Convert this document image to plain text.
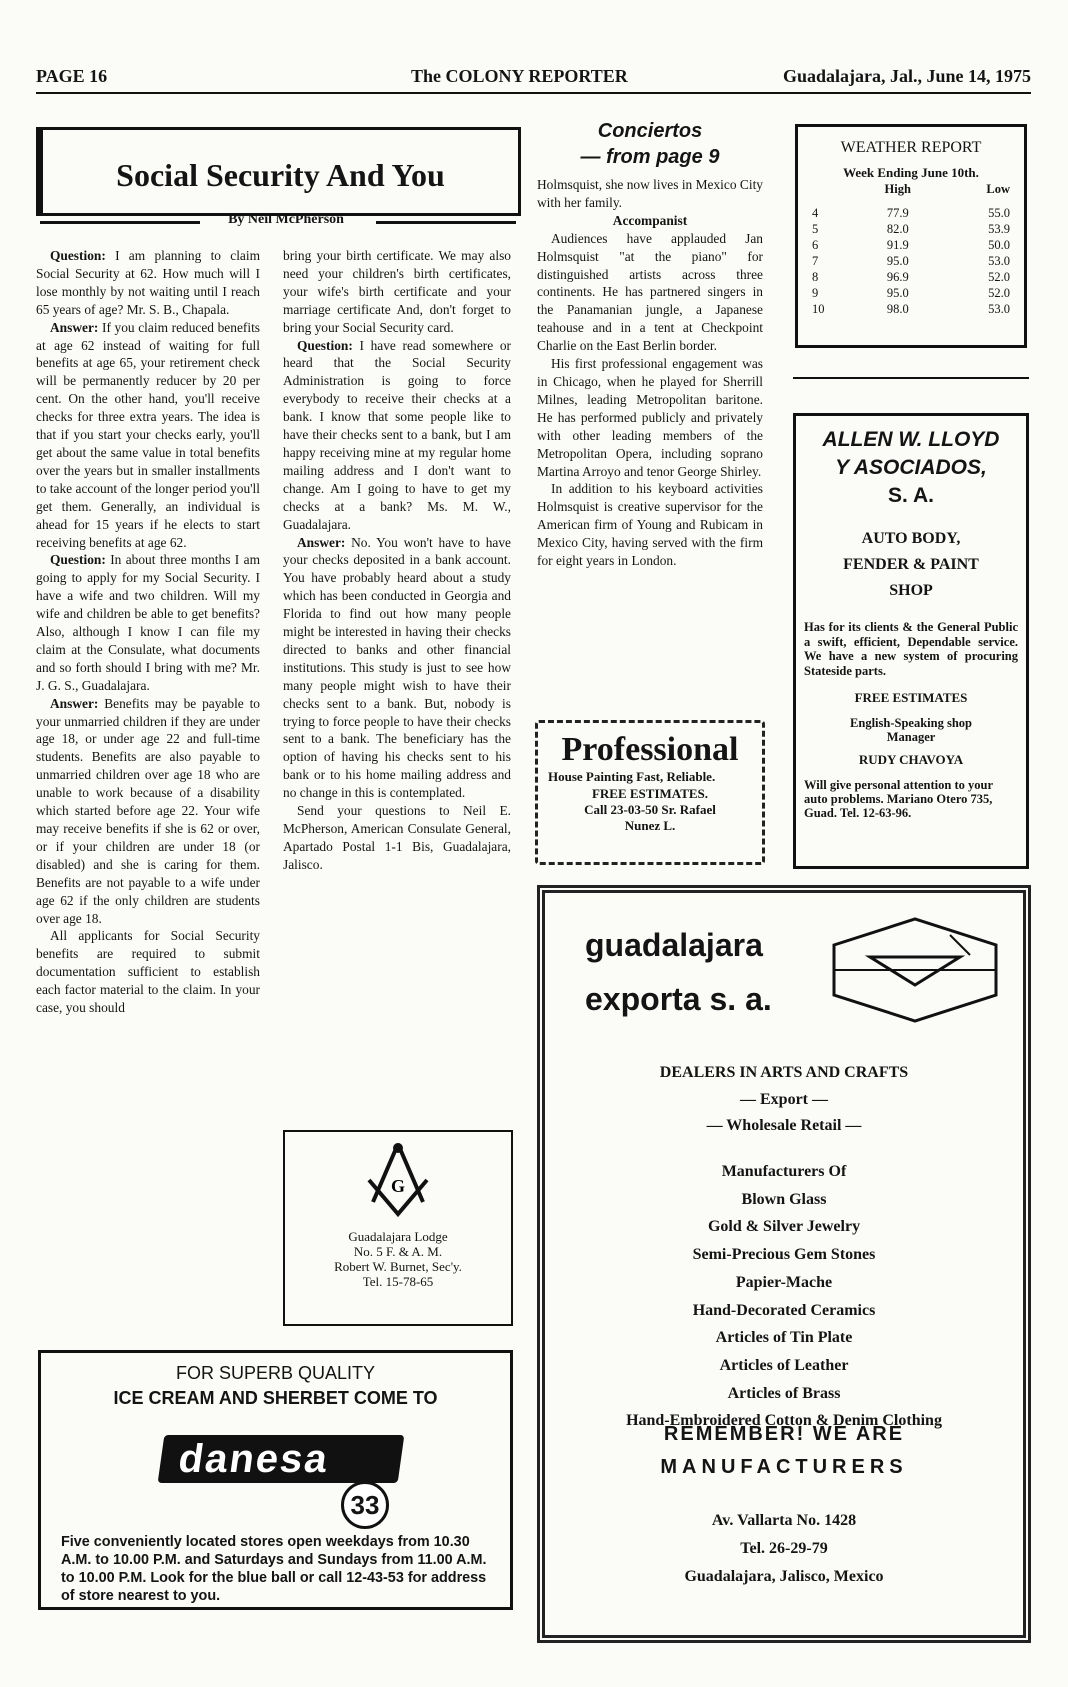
PAGE 16	The COLONY REPORTER	Guadalajara, Jal., June 14, 1975
Social Security And You
By Neil McPherson

Question: I am planning to claim Social Security at 62. How much will I lose monthly by not waiting until I reach 65 years of age? Mr. S. B., Chapala.

Answer: If you claim reduced benefits at age 62 instead of waiting for full benefits at age 65, your retirement check will be permanently reducer by 20 per cent. On the other hand, you'll receive checks for three extra years. The idea is that if you start your checks early, you'll get about the same value in total benefits over the years but in smaller installments to take account of the longer period you'll get them. Generally, an individual is ahead for 15 years if he elects to start receiving benefits at age 62.

Question: In about three months I am going to apply for my Social Security. I have a wife and two children. Will my wife and children be able to get benefits? Also, although I know I can file my claim at the Consulate, what documents and so forth should I bring with me? Mr. J. G. S., Guadalajara.

Answer: Benefits may be payable to your unmarried children if they are under age 18, or under age 22 and full-time students. Benefits are also payable to unmarried children over age 18 who are unable to work because of a disability which started before age 22. Your wife may receive benefits if she is 62 or over, or if your children are under 18 (or disabled) and she is caring for them. Benefits are not payable to a wife under age 62 if the only children are students over age 18.

All applicants for Social Security benefits are required to submit documentation sufficient to establish each factor material to the claim. In your case, you should

bring your birth certificate. We may also need your children's birth certificates, your wife's birth certificate and your marriage certificate And, don't forget to bring your Social Security card.

Question: I have read somewhere or heard that the Social Security Administration is going to force everybody to receive their checks at a bank. I know that some people like to have their checks sent to a bank, but I am happy receiving mine at my regular home mailing address and I don't want to change. Am I going to have to get my checks at a bank? Ms. M. W., Guadalajara.

Answer: No. You won't have to have your checks deposited in a bank account. You have probably heard about a study which has been conducted in Georgia and Florida to find out how many people might be interested in having their checks directed to banks and other financial institutions. This study is just to see how many people might wish to have their checks sent to a bank. But, nobody is trying to force people to have their checks sent to a bank. The beneficiary has the option of having his checks sent to his bank or to his home mailing address and no change in this is contemplated.

Send your questions to Neil E. McPherson, American Consulate General, Apartado Postal 1-1 Bis, Guadalajara, Jalisco.

G
Guadalajara Lodge
No. 5 F. & A. M.
Robert W. Burnet, Sec'y.
Tel. 15-78-65
FOR SUPERB QUALITY
ICE CREAM AND SHERBET COME TO
danesa
33
Five conveniently located stores open weekdays from 10.30 A.M. to 10.00 P.M. and Saturdays and Sundays from 11.00 A.M. to 10.00 P.M. Look for the blue ball or call 12-43-53 for address of store nearest to you.
Conciertos
— from page 9

Holmsquist, she now lives in Mexico City with her family.

Accompanist

Audiences have applauded Jan Holmsquist "at the piano" for distinguished artists across three continents. He has partnered singers in the Panamanian jungle, a Japanese teahouse and in a tent at Checkpoint Charlie on the East Berlin border.

His first professional engagement was in Chicago, when he played for Sherrill Milnes, leading Metropolitan baritone. He has performed publicly and privately with other leading members of the Metropolitan Opera, including soprano Martina Arroyo and tenor George Shirley.

In addition to his keyboard activities Holmsquist is creative supervisor for the American firm of Young and Rubicam in Mexico City, having served with the firm for eight years in London.

Professional
House Painting Fast, Reliable.
FREE ESTIMATES.
Call 23-03-50 Sr. Rafael
Nunez L.
WEATHER REPORT
Week Ending June 10th.
	High	Low

4	77.9	55.0
5	82.0	53.9
6	91.9	50.0
7	95.0	53.0
8	96.9	52.0
9	95.0	52.0
10	98.0	53.0
ALLEN W. LLOYD
Y ASOCIADOS,
S. A.
AUTO BODY,
FENDER & PAINT
SHOP
Has for its clients & the General Public a swift, efficient, Dependable service. We have a new system of procuring Stateside parts.
FREE ESTIMATES
English-Speaking shop
Manager
RUDY CHAVOYA
Will give personal attention to your auto problems. Mariano Otero 735, Guad. Tel. 12-63-96.
guadalajara
exporta s. a.
DEALERS IN ARTS AND CRAFTS
— Export —
— Wholesale Retail —
Manufacturers Of
Blown Glass
Gold & Silver Jewelry
Semi-Precious Gem Stones
Papier-Mache
Hand-Decorated Ceramics
Articles of Tin Plate
Articles of Leather
Articles of Brass
Hand-Embroidered Cotton & Denim Clothing
REMEMBER! WE ARE
MANUFACTURERS
Av. Vallarta No. 1428
Tel. 26-29-79
Guadalajara, Jalisco, Mexico
